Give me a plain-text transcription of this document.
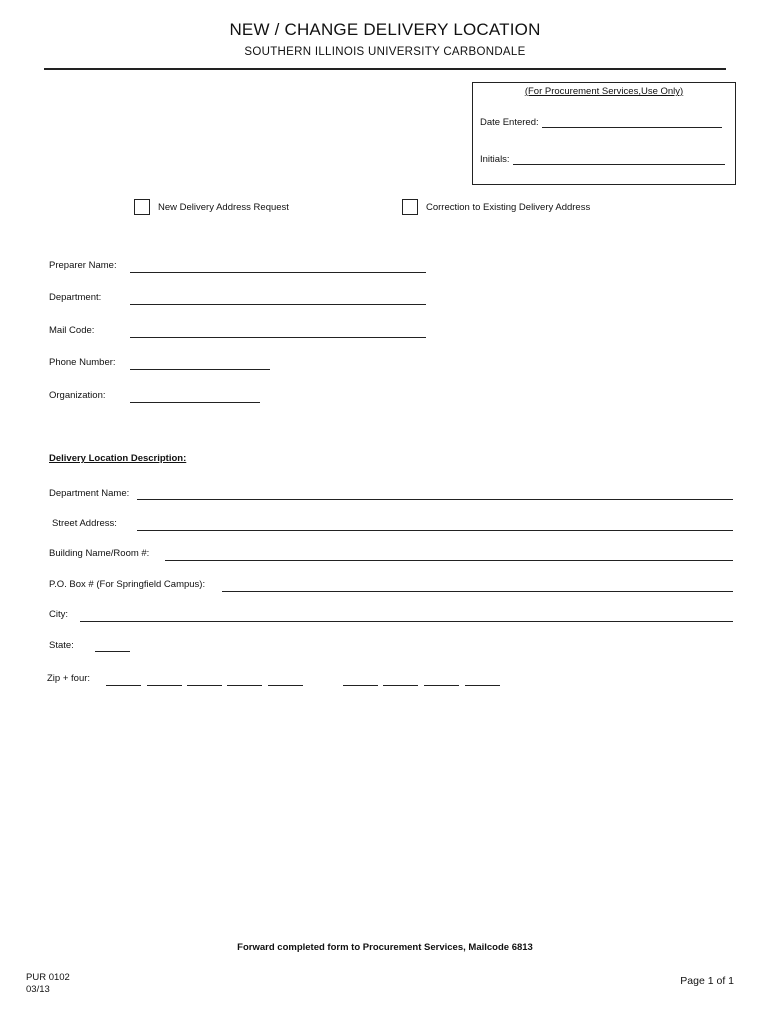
NEW / CHANGE DELIVERY LOCATION
SOUTHERN ILLINOIS UNIVERSITY CARBONDALE
(For Procurement Services,Use Only)
Date Entered:
Initials:
New Delivery Address Request	Correction to Existing Delivery Address
Preparer Name:
Department:
Mail Code:
Phone Number:
Organization:
Delivery Location Description:
Department Name:
Street Address:
Building Name/Room #:
P.O. Box # (For Springfield Campus):
City:
State:
Zip + four:
Forward completed form to Procurement Services, Mailcode 6813
PUR 0102
03/13
Page 1 of 1
